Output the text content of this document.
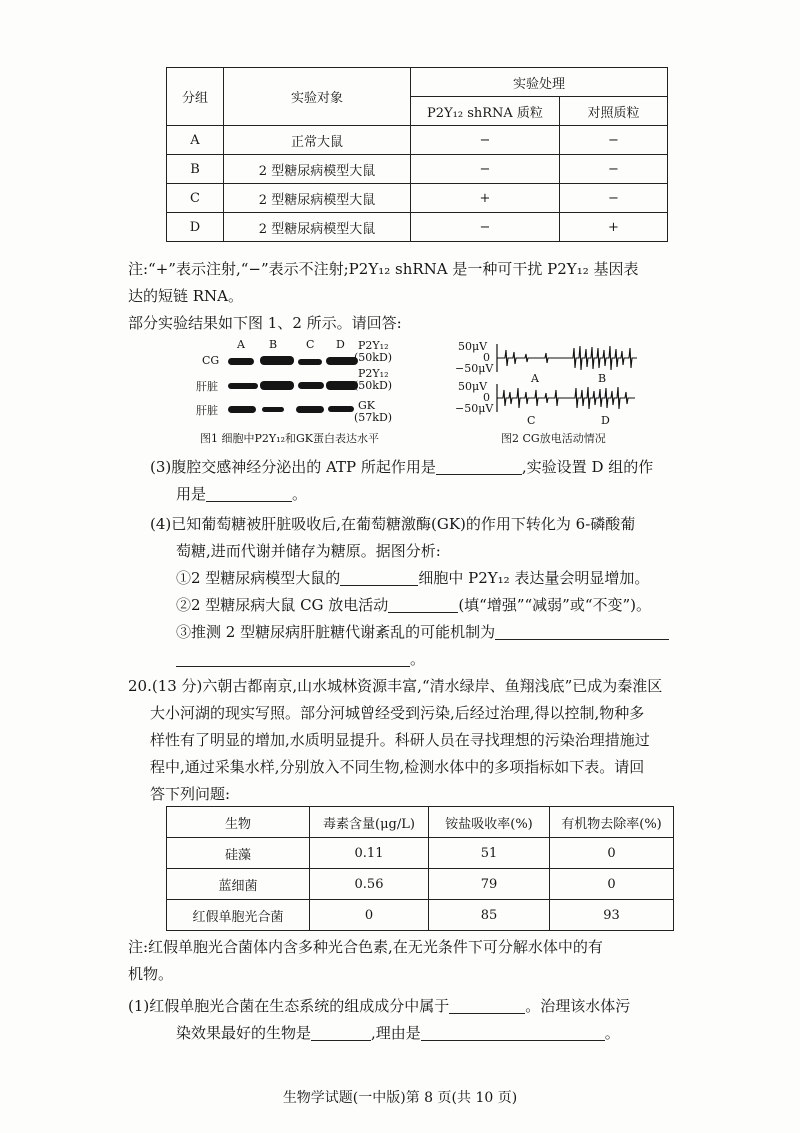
分组	实验对象	实验处理	
		P2Y₁₂ shRNA 质粒	对照质粒
A	正常大鼠	−	−
B	2 型糖尿病模型大鼠	−	−
C	2 型糖尿病模型大鼠	+	−
D	2 型糖尿病模型大鼠	−	+
注:“+”表示注射,“−”表示不注射;P2Y₁₂ shRNA 是一种可干扰 P2Y₁₂ 基因表
达的短链 RNA。
部分实验结果如下图 1、2 所示。请回答:
A B	C D
CG
肝脏
肝脏
P2Y₁₂
(50kD)
P2Y₁₂
(50kD)
GK
(57kD)
图1 细胞中P2Y₁₂和GK蛋白表达水平
50μV
0
−50μV
50μV
0
−50μV
A	B
C	D
图2 CG放电活动情况
(3)腹腔交感神经分泌出的 ATP 所起作用是	,实验设置 D 组的作
用是	。
(4)已知葡萄糖被肝脏吸收后,在葡萄糖激酶(GK)的作用下转化为 6-磷酸葡
萄糖,进而代谢并储存为糖原。据图分析:
①2 型糖尿病模型大鼠的	细胞中 P2Y₁₂ 表达量会明显增加。
②2 型糖尿病大鼠 CG 放电活动	(填“增强”“减弱”或“不变”)。
③推测 2 型糖尿病肝脏糖代谢紊乱的可能机制为
。
20.(13 分)六朝古都南京,山水城林资源丰富,“清水绿岸、鱼翔浅底”已成为秦淮区
大小河湖的现实写照。部分河城曾经受到污染,后经过治理,得以控制,物种多
样性有了明显的增加,水质明显提升。科研人员在寻找理想的污染治理措施过
程中,通过采集水样,分别放入不同生物,检测水体中的多项指标如下表。请回
答下列问题:
生物	毒素含量(μg/L)	铵盐吸收率(%)	有机物去除率(%)
硅藻	0.11	51	0
蓝细菌	0.56	79	0
红假单胞光合菌	0	85	93
注:红假单胞光合菌体内含多种光合色素,在无光条件下可分解水体中的有
机物。
(1)红假单胞光合菌在生态系统的组成成分中属于	。治理该水体污
染效果最好的生物是	,理由是	。
生物学试题(一中版)第 8 页(共 10 页)
